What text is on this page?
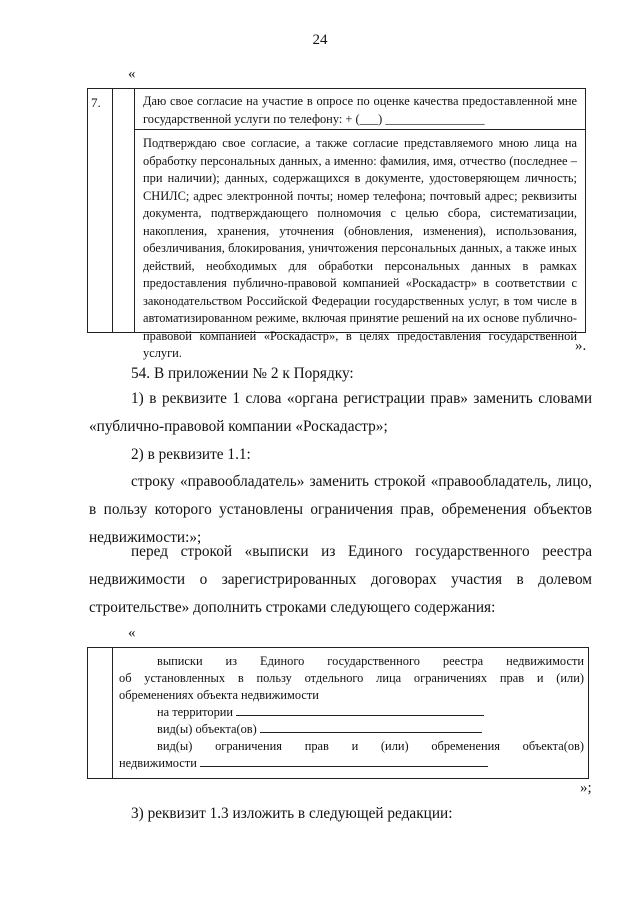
24
«
7.	Даю свое согласие на участие в опросе по оценке качества предоставленной мне государственной услуги по телефону: + (___) ________________
Подтверждаю свое согласие, а также согласие представляемого мною лица на обработку персональных данных, а именно: фамилия, имя, отчество (последнее – при наличии); данных, содержащихся в документе, удостоверяющем личность; СНИЛС; адрес электронной почты; номер телефона; почтовый адрес; реквизиты документа, подтверждающего полномочия с целью сбора, систематизации, накопления, хранения, уточнения (обновления, изменения), использования, обезличивания, блокирования, уничтожения персональных данных, а также иных действий, необходимых для обработки персональных данных в рамках предоставления публично-правовой компанией «Роскадастр» в соответствии с законодательством Российской Федерации государственных услуг, в том числе в автоматизированном режиме, включая принятие решений на их основе публично-правовой компанией «Роскадастр», в целях предоставления государственной услуги.	».
54. В приложении № 2 к Порядку:
1) в реквизите 1 слова «органа регистрации прав» заменить словами «публично-правовой компании «Роскадастр»;
2) в реквизите 1.1:
строку «правообладатель» заменить строкой «правообладатель, лицо, в пользу которого установлены ограничения прав, обременения объектов недвижимости:»;
перед строкой «выписки из Единого государственного реестра недвижимости о зарегистрированных договорах участия в долевом строительстве» дополнить строками следующего содержания:
«
выписки из Единого государственного реестра недвижимости
об установленных в пользу отдельного лица ограничениях прав и (или)
обременениях объекта недвижимости
на территории
вид(ы) объекта(ов)
вид(ы) ограничения прав и (или) обременения объекта(ов)
недвижимости
»;
3) реквизит 1.3 изложить в следующей редакции:
